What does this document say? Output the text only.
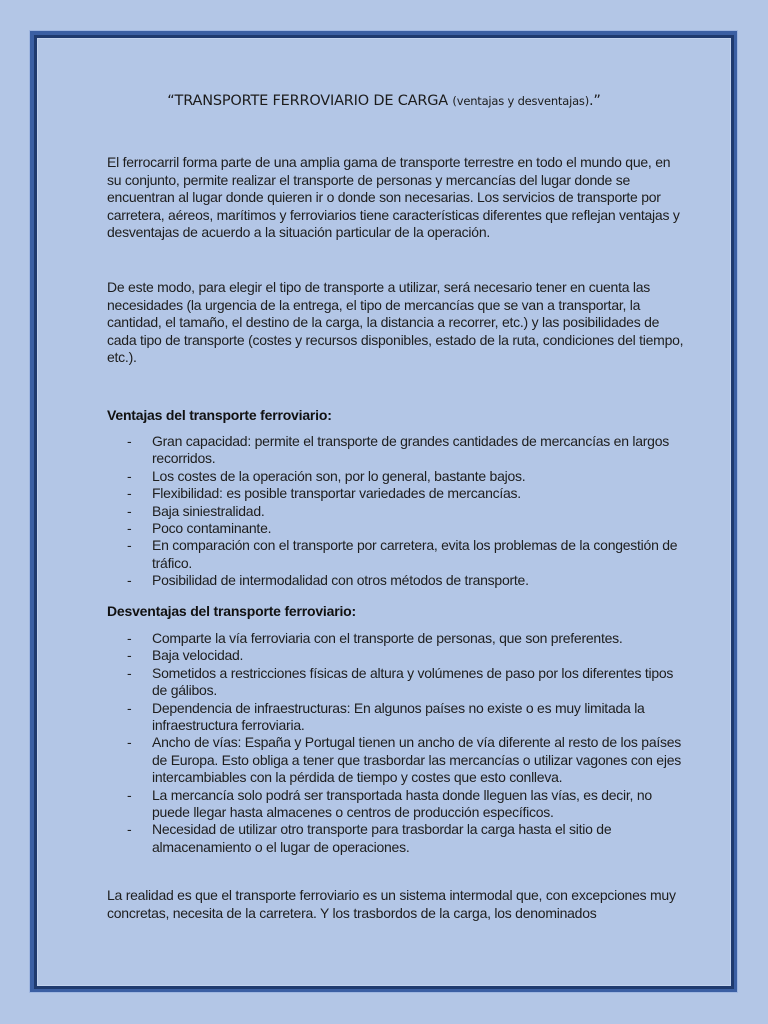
“TRANSPORTE FERROVIARIO DE CARGA (ventajas y desventajas).”

El ferrocarril forma parte de una amplia gama de transporte terrestre en todo el mundo que, en su conjunto, permite realizar el transporte de personas y mercancías del lugar donde se encuentran al lugar donde quieren ir o donde son necesarias. Los servicios de transporte por carretera, aéreos, marítimos y ferroviarios tiene características diferentes que reflejan ventajas y desventajas de acuerdo a la situación particular de la operación.

De este modo, para elegir el tipo de transporte a utilizar, será necesario tener en cuenta las necesidades (la urgencia de la entrega, el tipo de mercancías que se van a transportar, la cantidad, el tamaño, el destino de la carga, la distancia a recorrer, etc.) y las posibilidades de cada tipo de transporte (costes y recursos disponibles, estado de la ruta, condiciones del tiempo, etc.).

Ventajas del transporte ferroviario:
- Gran capacidad: permite el transporte de grandes cantidades de mercancías en largos recorridos.
- Los costes de la operación son, por lo general, bastante bajos.
- Flexibilidad: es posible transportar variedades de mercancías.
- Baja siniestralidad.
- Poco contaminante.
- En comparación con el transporte por carretera, evita los problemas de la congestión de tráfico.
- Posibilidad de intermodalidad con otros métodos de transporte.
Desventajas del transporte ferroviario:
- Comparte la vía ferroviaria con el transporte de personas, que son preferentes.
- Baja velocidad.
- Sometidos a restricciones físicas de altura y volúmenes de paso por los diferentes tipos de gálibos.
- Dependencia de infraestructuras: En algunos países no existe o es muy limitada la infraestructura ferroviaria.
- Ancho de vías: España y Portugal tienen un ancho de vía diferente al resto de los países de Europa. Esto obliga a tener que trasbordar las mercancías o utilizar vagones con ejes intercambiables con la pérdida de tiempo y costes que esto conlleva.
- La mercancía solo podrá ser transportada hasta donde lleguen las vías, es decir, no puede llegar hasta almacenes o centros de producción específicos.
- Necesidad de utilizar otro transporte para trasbordar la carga hasta el sitio de almacenamiento o el lugar de operaciones.

La realidad es que el transporte ferroviario es un sistema intermodal que, con excepciones muy concretas, necesita de la carretera. Y los trasbordos de la carga, los denominados
